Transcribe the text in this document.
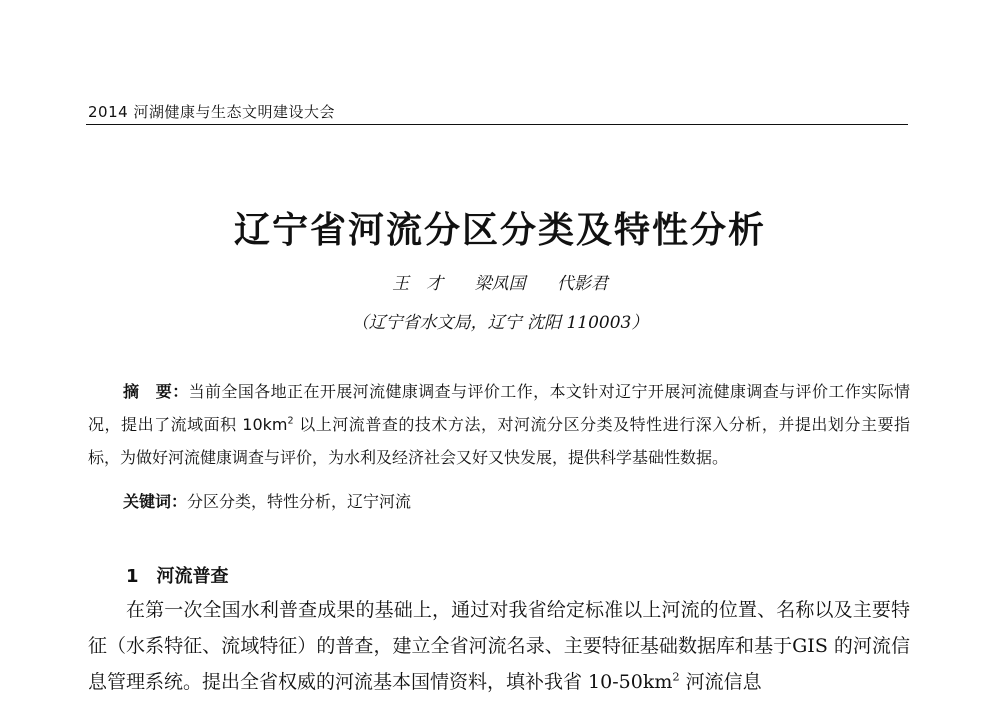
2014 河湖健康与生态文明建设大会
辽宁省河流分区分类及特性分析
王　才 梁凤国 代影君
（辽宁省水文局，辽宁 沈阳 110003）
摘　要：当前全国各地正在开展河流健康调查与评价工作，本文针对辽宁开展河流健康调查与评价工作实际情况，提出了流域面积 $10km^2$ 以上河流普查的技术方法，对河流分区分类及特性进行深入分析，并提出划分主要指标，为做好河流健康调查与评价，为水利及经济社会又好又快发展，提供科学基础性数据。
关键词：分区分类，特性分析，辽宁河流
1　河流普查
在第一次全国水利普查成果的基础上，通过对我省给定标准以上河流的位置、名称以及主要特征（水系特征、流域特征）的普查，建立全省河流名录、主要特征基础数据库和基于GIS 的河流信息管理系统。提出全省权威的河流基本国情资料，填补我省 $10-50km^2$ 河流信息
